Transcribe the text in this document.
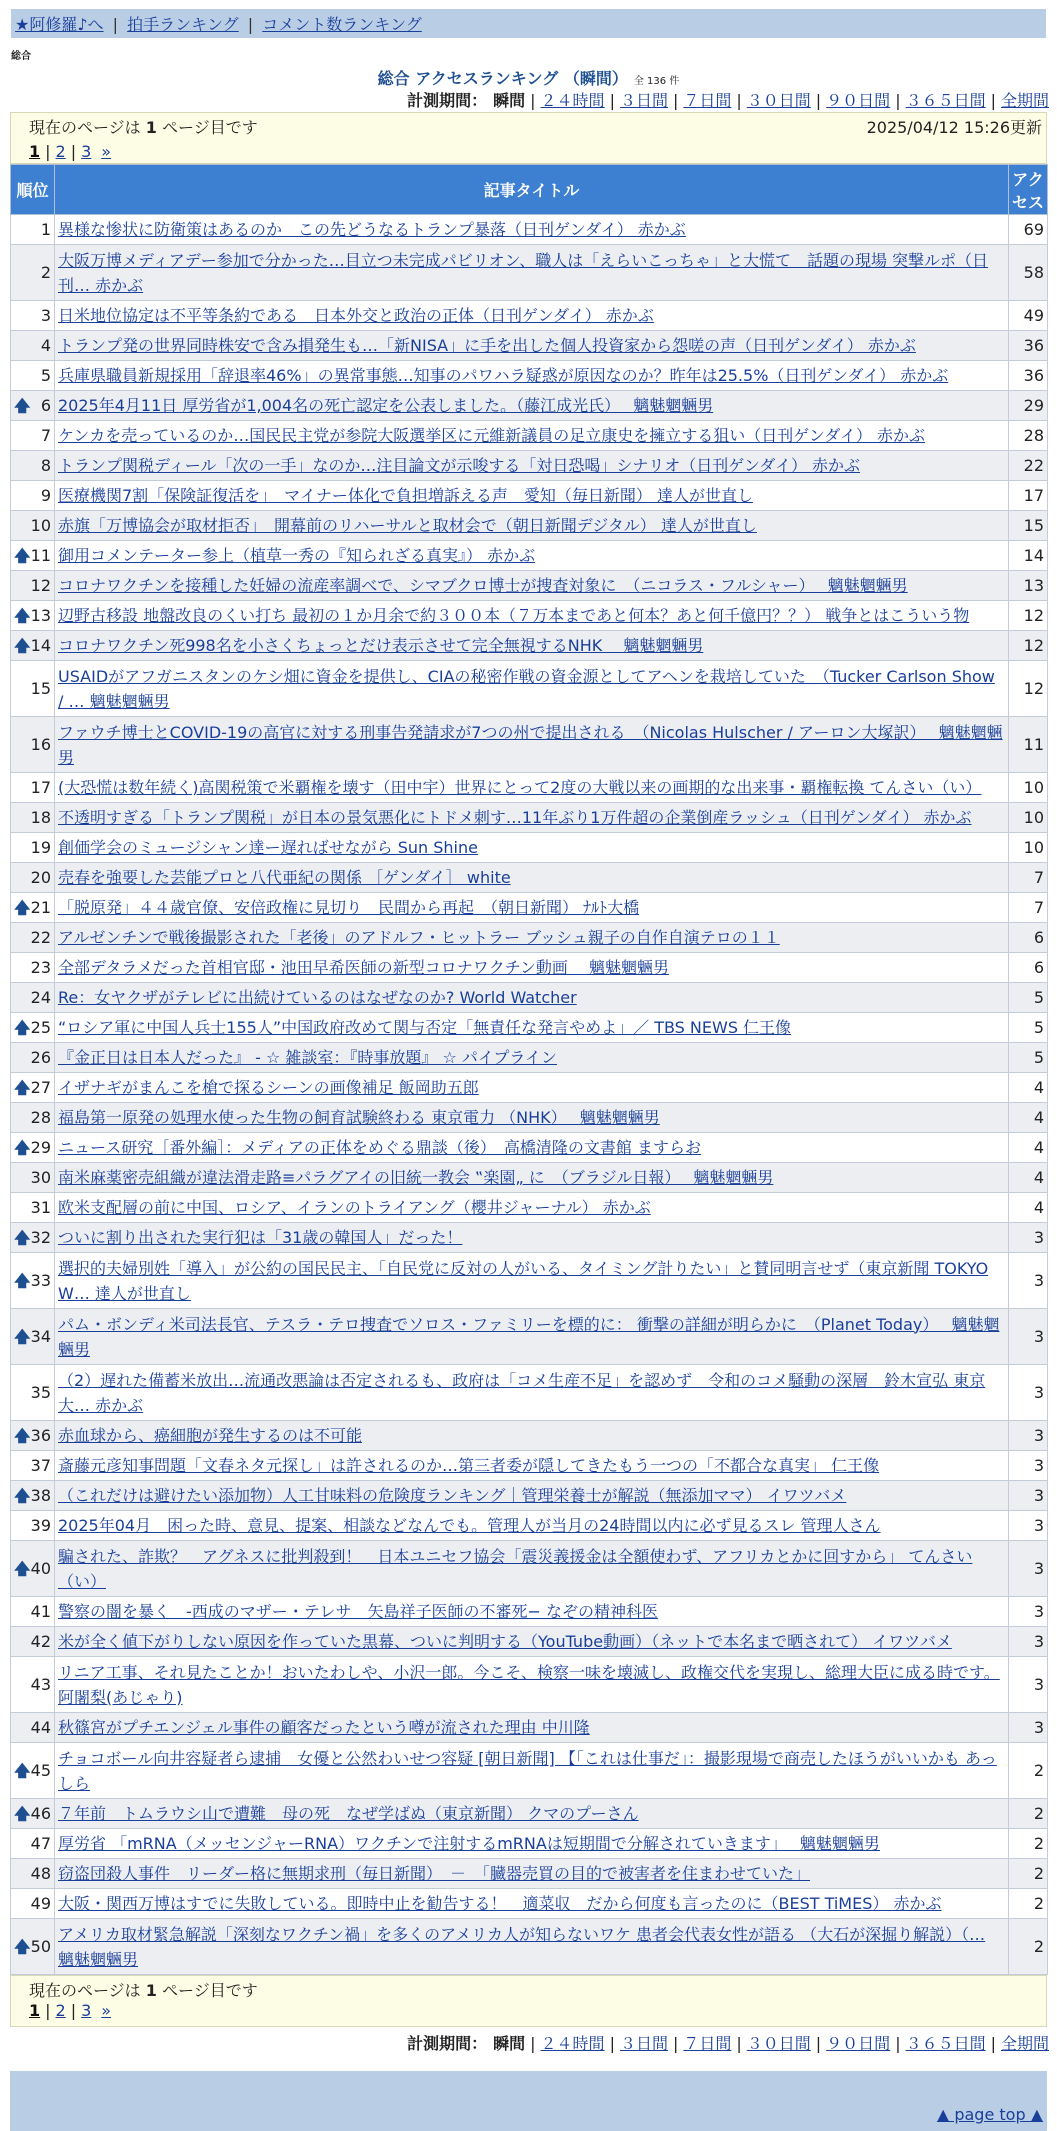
★阿修羅♪へ | 拍手ランキング | コメント数ランキング
総合
総合 アクセスランキング （瞬間） 全 136 件
計測期間： 瞬間 | ２４時間 | ３日間 | ７日間 | ３０日間 | ９０日間 | ３６５日間 | 全期間
現在のページは 1 ページ目です	2025/04/12 15:26更新
1 | 2 | 3 »
順位	記事タイトル	アクセス
1	異様な惨状に防衛策はあるのか　この先どうなるトランプ暴落（日刊ゲンダイ） 赤かぶ	69
2	大阪万博メディアデー参加で分かった…目立つ未完成パビリオン、職人は「えらいこっちゃ」と大慌て　話題の現場 突撃ルポ（日刊… 赤かぶ	58
3	日米地位協定は不平等条約である　日本外交と政治の正体（日刊ゲンダイ） 赤かぶ	49
4	トランプ発の世界同時株安で含み損発生も…「新NISA」に手を出した個人投資家から怨嗟の声（日刊ゲンダイ） 赤かぶ	36
5	兵庫県職員新規採用「辞退率46%」の異常事態…知事のパワハラ疑惑が原因なのか？昨年は25.5%（日刊ゲンダイ） 赤かぶ	36

🡅 6	2025年4月11日 厚労省が1,004名の死亡認定を公表しました。（藤江成光氏）　 魑魅魍魎男	29
7	ケンカを売っているのか…国民民主党が参院大阪選挙区に元維新議員の足立康史を擁立する狙い（日刊ゲンダイ） 赤かぶ	28
8	トランプ関税ディール「次の一手」なのか…注目論文が示唆する「対日恐喝」シナリオ（日刊ゲンダイ） 赤かぶ	22
9	医療機関7割「保険証復活を」　マイナー体化で負担増訴える声　愛知（毎日新聞） 達人が世直し	17
10	赤旗「万博協会が取材拒否」　開幕前のリハーサルと取材会で（朝日新聞デジタル） 達人が世直し	15

🡅 11	御用コメンテーター参上（植草一秀の『知られざる真実』） 赤かぶ	14
12	コロナワクチンを接種した妊婦の流産率調べで、シマブクロ博士が捜査対象に　（ニコラス・フルシャー）　 魑魅魍魎男	13

🡅 13	辺野古移設 地盤改良のくい打ち 最初の１か月余で約３００本（７万本まであと何本？あと何千億円？？） 戦争とはこういう物	12

🡅 14	コロナワクチン死998名を小さくちょっとだけ表示させて完全無視するNHK　 魑魅魍魎男	12
15	USAIDがアフガニスタンのケシ畑に資金を提供し、CIAの秘密作戦の資金源としてアヘンを栽培していた　（Tucker Carlson Show / … 魑魅魍魎男	12
16	ファウチ博士とCOVID-19の高官に対する刑事告発請求が7つの州で提出される　（Nicolas Hulscher / アーロン大塚訳）　 魑魅魍魎男	11
17	(大恐慌は数年続く)高関税策で米覇権を壊す（田中宇）世界にとって2度の大戦以来の画期的な出来事・覇権転換 てんさい（い）	10
18	不透明すぎる「トランプ関税」が日本の景気悪化にトドメ刺す…11年ぶり1万件超の企業倒産ラッシュ（日刊ゲンダイ） 赤かぶ	10
19	創価学会のミュージシャン達ー遅ればせながら Sun Shine	10
20	売春を強要した芸能プロと八代亜紀の関係 ［ゲンダイ］ white	7

🡅 21	「脱原発」４４歳官僚、安倍政権に見切り　民間から再起　（朝日新聞） ﾅﾙﾄ大橋	7
22	アルゼンチンで戦後撮影された「老後」のアドルフ・ヒットラー ブッシュ親子の自作自演テロの１１	6
23	全部デタラメだった首相官邸・池田早希医師の新型コロナワクチン動画　 魑魅魍魎男	6
24	Re：女ヤクザがテレビに出続けているのはなぜなのか? World Watcher	5

🡅 25	“ロシア軍に中国人兵士155人”中国政府改めて関与否定「無責任な発言やめよ」／ TBS NEWS 仁王像	5
26	『金正日は日本人だった』 - ☆ 雑談室：『時事放題』 ☆ パイプライン	5

🡅 27	イザナギがまんこを槍で探るシーンの画像補足 飯岡助五郎	4
28	福島第一原発の処理水使った生物の飼育試験終わる 東京電力 （NHK）　 魑魅魍魎男	4

🡅 29	ニュース研究［番外編］：メディアの正体をめぐる鼎談（後）　高橋清隆の文書館 ますらお	4
30	南米麻薬密売組織が違法滑走路≡パラグアイの旧統一教会 ‟楽園„ に　（ブラジル日報）　 魑魅魍魎男	4
31	欧米支配層の前に中国、ロシア、イランのトライアング（櫻井ジャーナル） 赤かぶ	4

🡅 32	ついに割り出された実行犯は「31歳の韓国人」だった！	3

🡅 33	選択的夫婦別姓「導入」が公約の国民民主、「自民党に反対の人がいる、タイミング計りたい」と賛同明言せず（東京新聞 TOKYO W… 達人が世直し	3

🡅 34	パム・ボンディ米司法長官、テスラ・テロ捜査でソロス・ファミリーを標的に： 衝撃の詳細が明らかに　（Planet Today）　 魑魅魍魎男	3
35	（2）遅れた備蓄米放出…流通改悪論は否定されるも、政府は「コメ生産不足」を認めず　令和のコメ騒動の深層　鈴木宣弘 東京大… 赤かぶ	3

🡅 36	赤血球から、癌細胞が発生するのは不可能	3
37	斎藤元彦知事問題「文春ネタ元探し」は許されるのか…第三者委が隠してきたもう一つの「不都合な真実」 仁王像	3

🡅 38	（これだけは避けたい添加物）人工甘味料の危険度ランキング｜管理栄養士が解説（無添加ママ） イワツバメ	3
39	2025年04月　困った時、意見、提案、相談などなんでも。管理人が当月の24時間以内に必ず見るスレ 管理人さん	3

🡅 40	騙された、詐欺？　アグネスに批判殺到！　日本ユニセフ協会「震災義援金は全額使わず、アフリカとかに回すから」 てんさい（い）	3
41	警察の闇を暴く　-西成のマザー・テレサ　矢島祥子医師の不審死− なぞの精神科医	3
42	米が全く値下がりしない原因を作っていた黒幕、ついに判明する（YouTube動画）（ネットで本名まで晒されて） イワツバメ	3
43	リニア工事、それ見たことか！おいたわしや、小沢一郎。今こそ、検察一味を壊滅し、政権交代を実現し、総理大臣に成る時です。 阿闍梨(あじゃり)	3
44	秋篠宮がプチエンジェル事件の顧客だったという噂が流された理由 中川隆	3

🡅 45	チョコボール向井容疑者ら逮捕　女優と公然わいせつ容疑 [朝日新聞] 【「これは仕事だ」：撮影現場で商売したほうがいいかも あっしら	2

🡅 46	７年前　トムラウシ山で遭難　母の死　なぜ学ばぬ（東京新聞） クマのプーさん	2
47	厚労省 「mRNA（メッセンジャーRNA）ワクチンで注射するmRNAは短期間で分解されていきます」　 魑魅魍魎男	2
48	窃盗団殺人事件　リーダー格に無期求刑（毎日新聞）　－　「臓器売買の目的で被害者を住まわせていた」	2
49	大阪・関西万博はすでに失敗している。即時中止を勧告する！　適菜収　だから何度も言ったのに（BEST TiMES） 赤かぶ	2

🡅 50	アメリカ取材緊急解説「深刻なワクチン禍」を多くのアメリカ人が知らないワケ 患者会代表女性が語る （大石が深掘り解説）（… 魑魅魍魎男	2
現在のページは 1 ページ目です
1 | 2 | 3 »
計測期間： 瞬間 | ２４時間 | ３日間 | ７日間 | ３０日間 | ９０日間 | ３６５日間 | 全期間
▲ page top ▲
